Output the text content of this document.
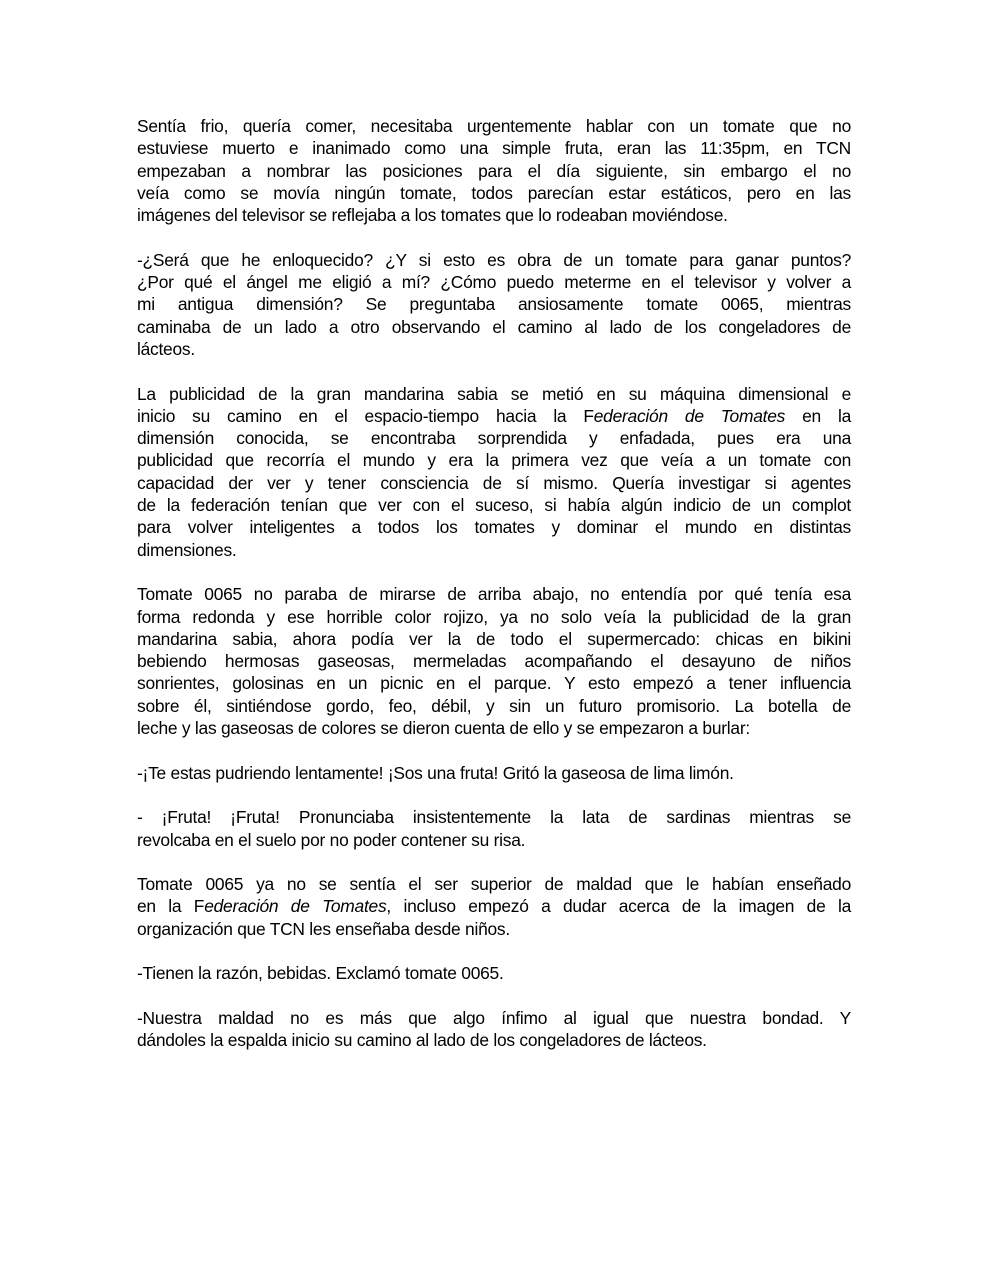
Sentía frio, quería comer, necesitaba urgentemente hablar con un tomate que no
estuviese muerto e inanimado como una simple fruta, eran las 11:35pm, en TCN
empezaban a nombrar las posiciones para el día siguiente, sin embargo el no
veía como se movía ningún tomate, todos parecían estar estáticos, pero en las
imágenes del televisor se reflejaba a los tomates que lo rodeaban moviéndose.
-¿Será que he enloquecido? ¿Y si esto es obra de un tomate para ganar puntos?
¿Por qué el ángel me eligió a mí? ¿Cómo puedo meterme en el televisor y volver a
mi antigua dimensión? Se preguntaba ansiosamente tomate 0065, mientras
caminaba de un lado a otro observando el camino al lado de los congeladores de
lácteos.
La publicidad de la gran mandarina sabia se metió en su máquina dimensional e
inicio su camino en el espacio-tiempo hacia la Federación de Tomates en la
dimensión conocida, se encontraba sorprendida y enfadada, pues era una
publicidad que recorría el mundo y era la primera vez que veía a un tomate con
capacidad der ver y tener consciencia de sí mismo. Quería investigar si agentes
de la federación tenían que ver con el suceso, si había algún indicio de un complot
para volver inteligentes a todos los tomates y dominar el mundo en distintas
dimensiones.
Tomate 0065 no paraba de mirarse de arriba abajo, no entendía por qué tenía esa
forma redonda y ese horrible color rojizo, ya no solo veía la publicidad de la gran
mandarina sabia, ahora podía ver la de todo el supermercado: chicas en bikini
bebiendo hermosas gaseosas, mermeladas acompañando el desayuno de niños
sonrientes, golosinas en un picnic en el parque. Y esto empezó a tener influencia
sobre él, sintiéndose gordo, feo, débil, y sin un futuro promisorio. La botella de
leche y las gaseosas de colores se dieron cuenta de ello y se empezaron a burlar:
-¡Te estas pudriendo lentamente! ¡Sos una fruta! Gritó la gaseosa de lima limón.
- ¡Fruta! ¡Fruta! Pronunciaba insistentemente la lata de sardinas mientras se
revolcaba en el suelo por no poder contener su risa.
Tomate 0065 ya no se sentía el ser superior de maldad que le habían enseñado
en la Federación de Tomates, incluso empezó a dudar acerca de la imagen de la
organización que TCN les enseñaba desde niños.
-Tienen la razón, bebidas. Exclamó tomate 0065.
-Nuestra maldad no es más que algo ínfimo al igual que nuestra bondad. Y
dándoles la espalda inicio su camino al lado de los congeladores de lácteos.
